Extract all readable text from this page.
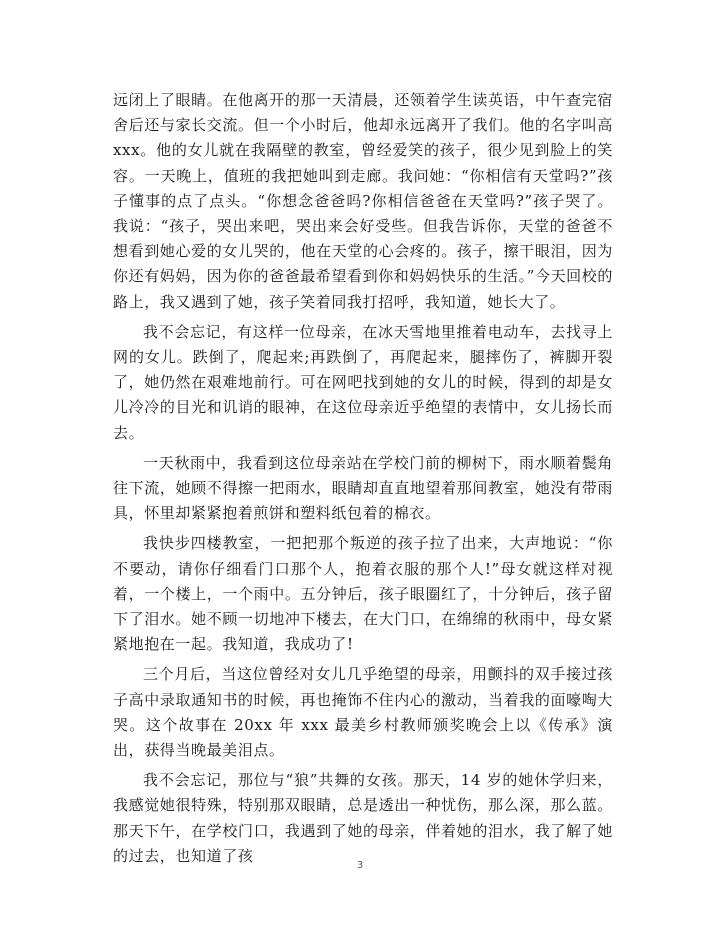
远闭上了眼睛。在他离开的那一天清晨，还领着学生读英语，中午查完宿舍后还与家长交流。但一个小时后，他却永远离开了我们。他的名字叫高 xxx。他的女儿就在我隔壁的教室，曾经爱笑的孩子，很少见到脸上的笑容。一天晚上，值班的我把她叫到走廊。我问她：“你相信有天堂吗?”孩子懂事的点了点头。“你想念爸爸吗?你相信爸爸在天堂吗?”孩子哭了。我说：“孩子，哭出来吧，哭出来会好受些。但我告诉你，天堂的爸爸不想看到她心爱的女儿哭的，他在天堂的心会疼的。孩子，擦干眼泪，因为你还有妈妈，因为你的爸爸最希望看到你和妈妈快乐的生活。”今天回校的路上，我又遇到了她，孩子笑着同我打招呼，我知道，她长大了。

我不会忘记，有这样一位母亲，在冰天雪地里推着电动车，去找寻上网的女儿。跌倒了，爬起来;再跌倒了，再爬起来，腿摔伤了，裤脚开裂了，她仍然在艰难地前行。可在网吧找到她的女儿的时候，得到的却是女儿冷冷的目光和讥诮的眼神，在这位母亲近乎绝望的表情中，女儿扬长而去。

一天秋雨中，我看到这位母亲站在学校门前的柳树下，雨水顺着鬓角往下流，她顾不得擦一把雨水，眼睛却直直地望着那间教室，她没有带雨具，怀里却紧紧抱着煎饼和塑料纸包着的棉衣。

我快步四楼教室，一把把那个叛逆的孩子拉了出来，大声地说：“你不要动，请你仔细看门口那个人，抱着衣服的那个人!”母女就这样对视着，一个楼上，一个雨中。五分钟后，孩子眼圈红了，十分钟后，孩子留下了泪水。她不顾一切地冲下楼去，在大门口，在绵绵的秋雨中，母女紧紧地抱在一起。我知道，我成功了!

三个月后，当这位曾经对女儿几乎绝望的母亲，用颤抖的双手接过孩子高中录取通知书的时候，再也掩饰不住内心的激动，当着我的面嚎啕大哭。这个故事在 20xx 年 xxx 最美乡村教师颁奖晚会上以《传承》演出，获得当晚最美泪点。

我不会忘记，那位与“狼”共舞的女孩。那天，14 岁的她休学归来，我感觉她很特殊，特别那双眼睛，总是透出一种忧伤，那么深，那么蓝。那天下午，在学校门口，我遇到了她的母亲，伴着她的泪水，我了解了她的过去，也知道了孩

3
